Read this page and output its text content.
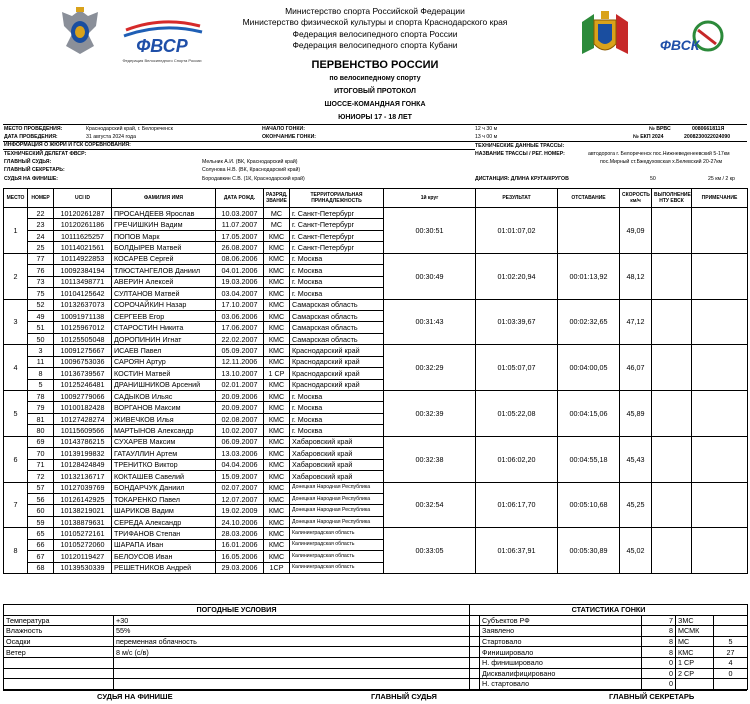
ФВСР
Федерация Велосипедного Спорта России
Министерство спорта Российской Федерации
Министерство физической культуры и спорта Краснодарского края
Федерация велосипедного спорта России
Федерация велосипедного спорта Кубани	ФВСК
ПЕРВЕНСТВО РОССИИ
по велосипедному спорту
ИТОГОВЫЙ ПРОТОКОЛ
ШОССЕ-КОМАНДНАЯ ГОНКА
ЮНИОРЫ 17 - 18 ЛЕТ
МЕСТО ПРОВЕДЕНИЯ:	Краснодарский край, г. Белореченск	НАЧАЛО ГОНКИ:	12 ч 30 м	№ ВРВС	0080661811Я
ДАТА ПРОВЕДЕНИЯ:	31 августа 2024 года	ОКОНЧАНИЕ ГОНКИ:	13 ч 00 м	№ ЕКП 2024	2008230022024090
ИНФОРМАЦИЯ О ЖЮРИ И ГСК СОРЕВНОВАНИЯ:	ТЕХНИЧЕСКИЕ ДАННЫЕ ТРАССЫ:
ТЕХНИЧЕСКИЙ ДЕЛЕГАТ ФВСР:	НАЗВАНИЕ ТРАССЫ / РЕГ. НОМЕР:	автодорога г. Белореченск пос.Нижневеденеевский 5-17км
ГЛАВНЫЙ СУДЬЯ:	Мельник А.И. (ВК, Краснодарский край)	пос.Мирный ст.Бжедуховская х.Белевский 20-27км
ГЛАВНЫЙ СЕКРЕТАРЬ:	Солунова Н.В. (ВК, Краснодарский край)
СУДЬЯ НА ФИНИШЕ:	Бородавкин С.В. (1К, Краснодарский край)	ДИСТАНЦИЯ: ДЛИНА КРУГА/КРУГОВ	50	25 км / 2 кр
МЕСТО	НОМЕР	UCI ID	ФАМИЛИЯ ИМЯ	ДАТА РОЖД.	РАЗРЯД, ЗВАНИЕ	ТЕРРИТОРИАЛЬНАЯ ПРИНАДЛЕЖНОСТЬ	1й круг	РЕЗУЛЬТАТ	ОТСТАВАНИЕ	СКОРОСТЬ км/ч	ВЫПОЛНЕНИЕ НТУ ЕВСК	ПРИМЕЧАНИЕ
1	22	10120261287	ПРОСАНДЕЕВ Ярослав	10.03.2007	МС	г. Санкт-Петербург	00:30:51	01:01:07,02		49,09		
	23	10120261186	ГРЕЧИШКИН Вадим	11.07.2007	МС	г. Санкт-Петербург						
	24	10111625257	ПОПОВ Марк	17.05.2007	КМС	г. Санкт-Петербург						
	25	10114021561	БОЛДЫРЕВ Матвей	26.08.2007	КМС	г. Санкт-Петербург						
2	77	10114922853	КОСАРЕВ Сергей	08.06.2006	КМС	г. Москва	00:30:49	01:02:20,94	00:01:13,92	48,12		
	76	10092384194	ТЛЮСТАНГЕЛОВ Даниил	04.01.2006	КМС	г. Москва						
	73	10113498771	АВЕРИН Алексей	19.03.2006	КМС	г. Москва						
	75	10104125642	СУЛТАНОВ Матвей	03.04.2007	КМС	г. Москва						
3	52	10132637073	СОРОЧАЙКИН Назар	17.10.2007	КМС	Самарская область	00:31:43	01:03:39,67	00:02:32,65	47,12		
	49	10091971138	СЕРГЕЕВ Егор	03.06.2006	КМС	Самарская область						
	51	10125967012	СТАРОСТИН Никита	17.06.2007	КМС	Самарская область						
	50	10125505048	ДОРОПИНИН Игнат	22.02.2007	КМС	Самарская область						
4	3	10091275667	ИСАЕВ Павел	05.09.2007	КМС	Краснодарский край	00:32:29	01:05:07,07	00:04:00,05	46,07		
	11	10096753036	САРОЯН Артур	12.11.2006	КМС	Краснодарский край						
	8	10136739567	КОСТИН Матвей	13.10.2007	1 СР	Краснодарский край						
	5	10125246481	ДРАНИШНИКОВ Арсений	02.01.2007	КМС	Краснодарский край						
5	78	10092779066	САДЫКОВ Ильяс	20.09.2006	КМС	г. Москва	00:32:39	01:05:22,08	00:04:15,06	45,89		
	79	10100182428	ВОРГАНОВ Максим	20.09.2007	КМС	г. Москва						
	81	10127428274	ЖИВЕЧКОВ Илья	02.08.2007	КМС	г. Москва						
	80	10115609566	МАРТЫНОВ Александр	10.02.2007	КМС	г. Москва						
6	69	10143786215	СУХАРЕВ Максим	06.09.2007	КМС	Хабаровский край	00:32:38	01:06:02,20	00:04:55,18	45,43		
	70	10139199832	ГАТАУЛЛИН Артем	13.03.2006	КМС	Хабаровский край						
	71	10128424849	ТРЕНИТКО Виктор	04.04.2006	КМС	Хабаровский край						
	72	10132136717	КОКТАШЕВ Савелий	15.09.2007	КМС	Хабаровский край						
7	57	10127039769	БОНДАРЧУК Даниил	02.07.2007	КМС	Донецкая Народная Республика	00:32:54	01:06:17,70	00:05:10,68	45,25		
	56	10126142925	ТОКАРЕНКО Павел	12.07.2007	КМС	Донецкая Народная Республика						
	60	10138219021	ШАРИКОВ Вадим	19.02.2009	КМС	Донецкая Народная Республика						
	59	10138879631	СЕРЕДА Александр	24.10.2006	КМС	Донецкая Народная Республика						
8	65	10105272161	ТРИФАНОВ Степан	28.03.2006	КМС	Калининградская область	00:33:05	01:06:37,91	00:05:30,89	45,02		
	66	10105272060	ШАРАПА Иван	16.01.2006	КМС	Калининградская область						
	67	10120119427	БЕЛОУСОВ Иван	16.05.2006	КМС	Калининградская область						
	68	10139530339	РЕШЕТНИКОВ Андрей	29.03.2006	1СР	Калининградская область						
ПОГОДНЫЕ УСЛОВИЯ		СТАТИСТИКА ГОНКИ				
Температура	+30		Субъектов РФ	7	ЗМС	
Влажность	55%		Заявлено	8	МСМК	
Осадки	переменная облачность		Стартовало	8	МС	5
Ветер	8 м/с (с/в)		Финишировало	8	КМС	27
			Н. финишировало	0	1 СР	4
			Дисквалифицировано	0	2 СР	0
			Н. стартовало	0		
СУДЬЯ НА ФИНИШЕ	ГЛАВНЫЙ СУДЬЯ	ГЛАВНЫЙ СЕКРЕТАРЬ
